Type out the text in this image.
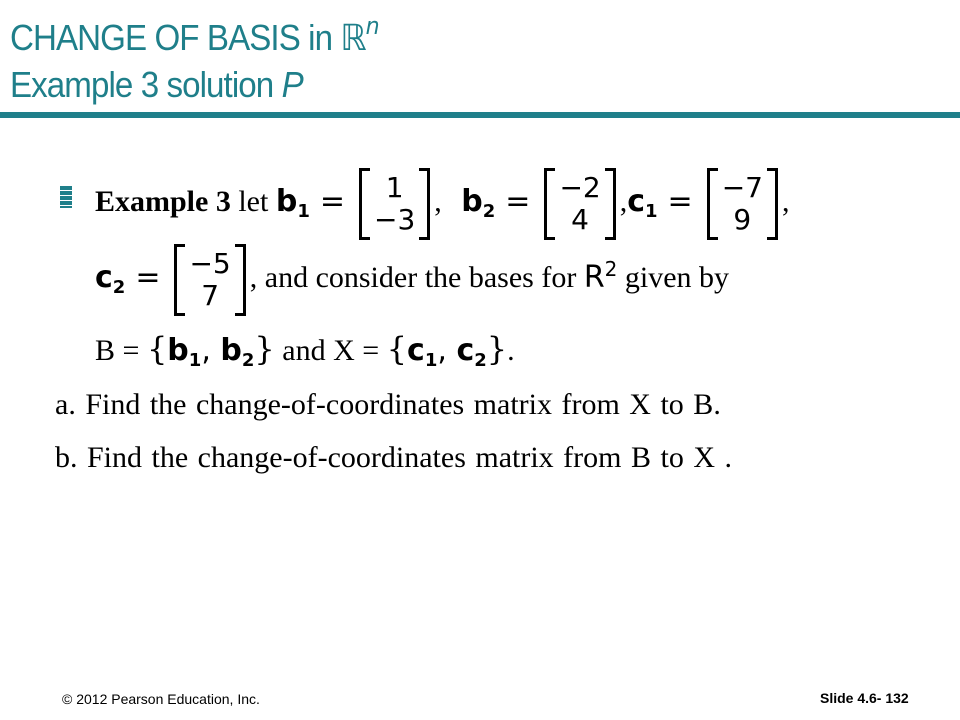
CHANGE OF BASIS in ℝ$^n$
Example 3 solution P
Example 3 let $b_1 = 1$
−3
, $b_2 = -2$
4
$,c_1 = -7$
9
,
$c_2 = -5$
7
, and consider the bases for $R^2$ given by
$B = \{b_1$, $b_2$} and $X = \{c_1$, $c_2$}.
a. Find the change-of-coordinates matrix from X to B.
b. Find the change-of-coordinates matrix from B to X .
© 2012 Pearson Education, Inc.	Slide 4.6- 132
